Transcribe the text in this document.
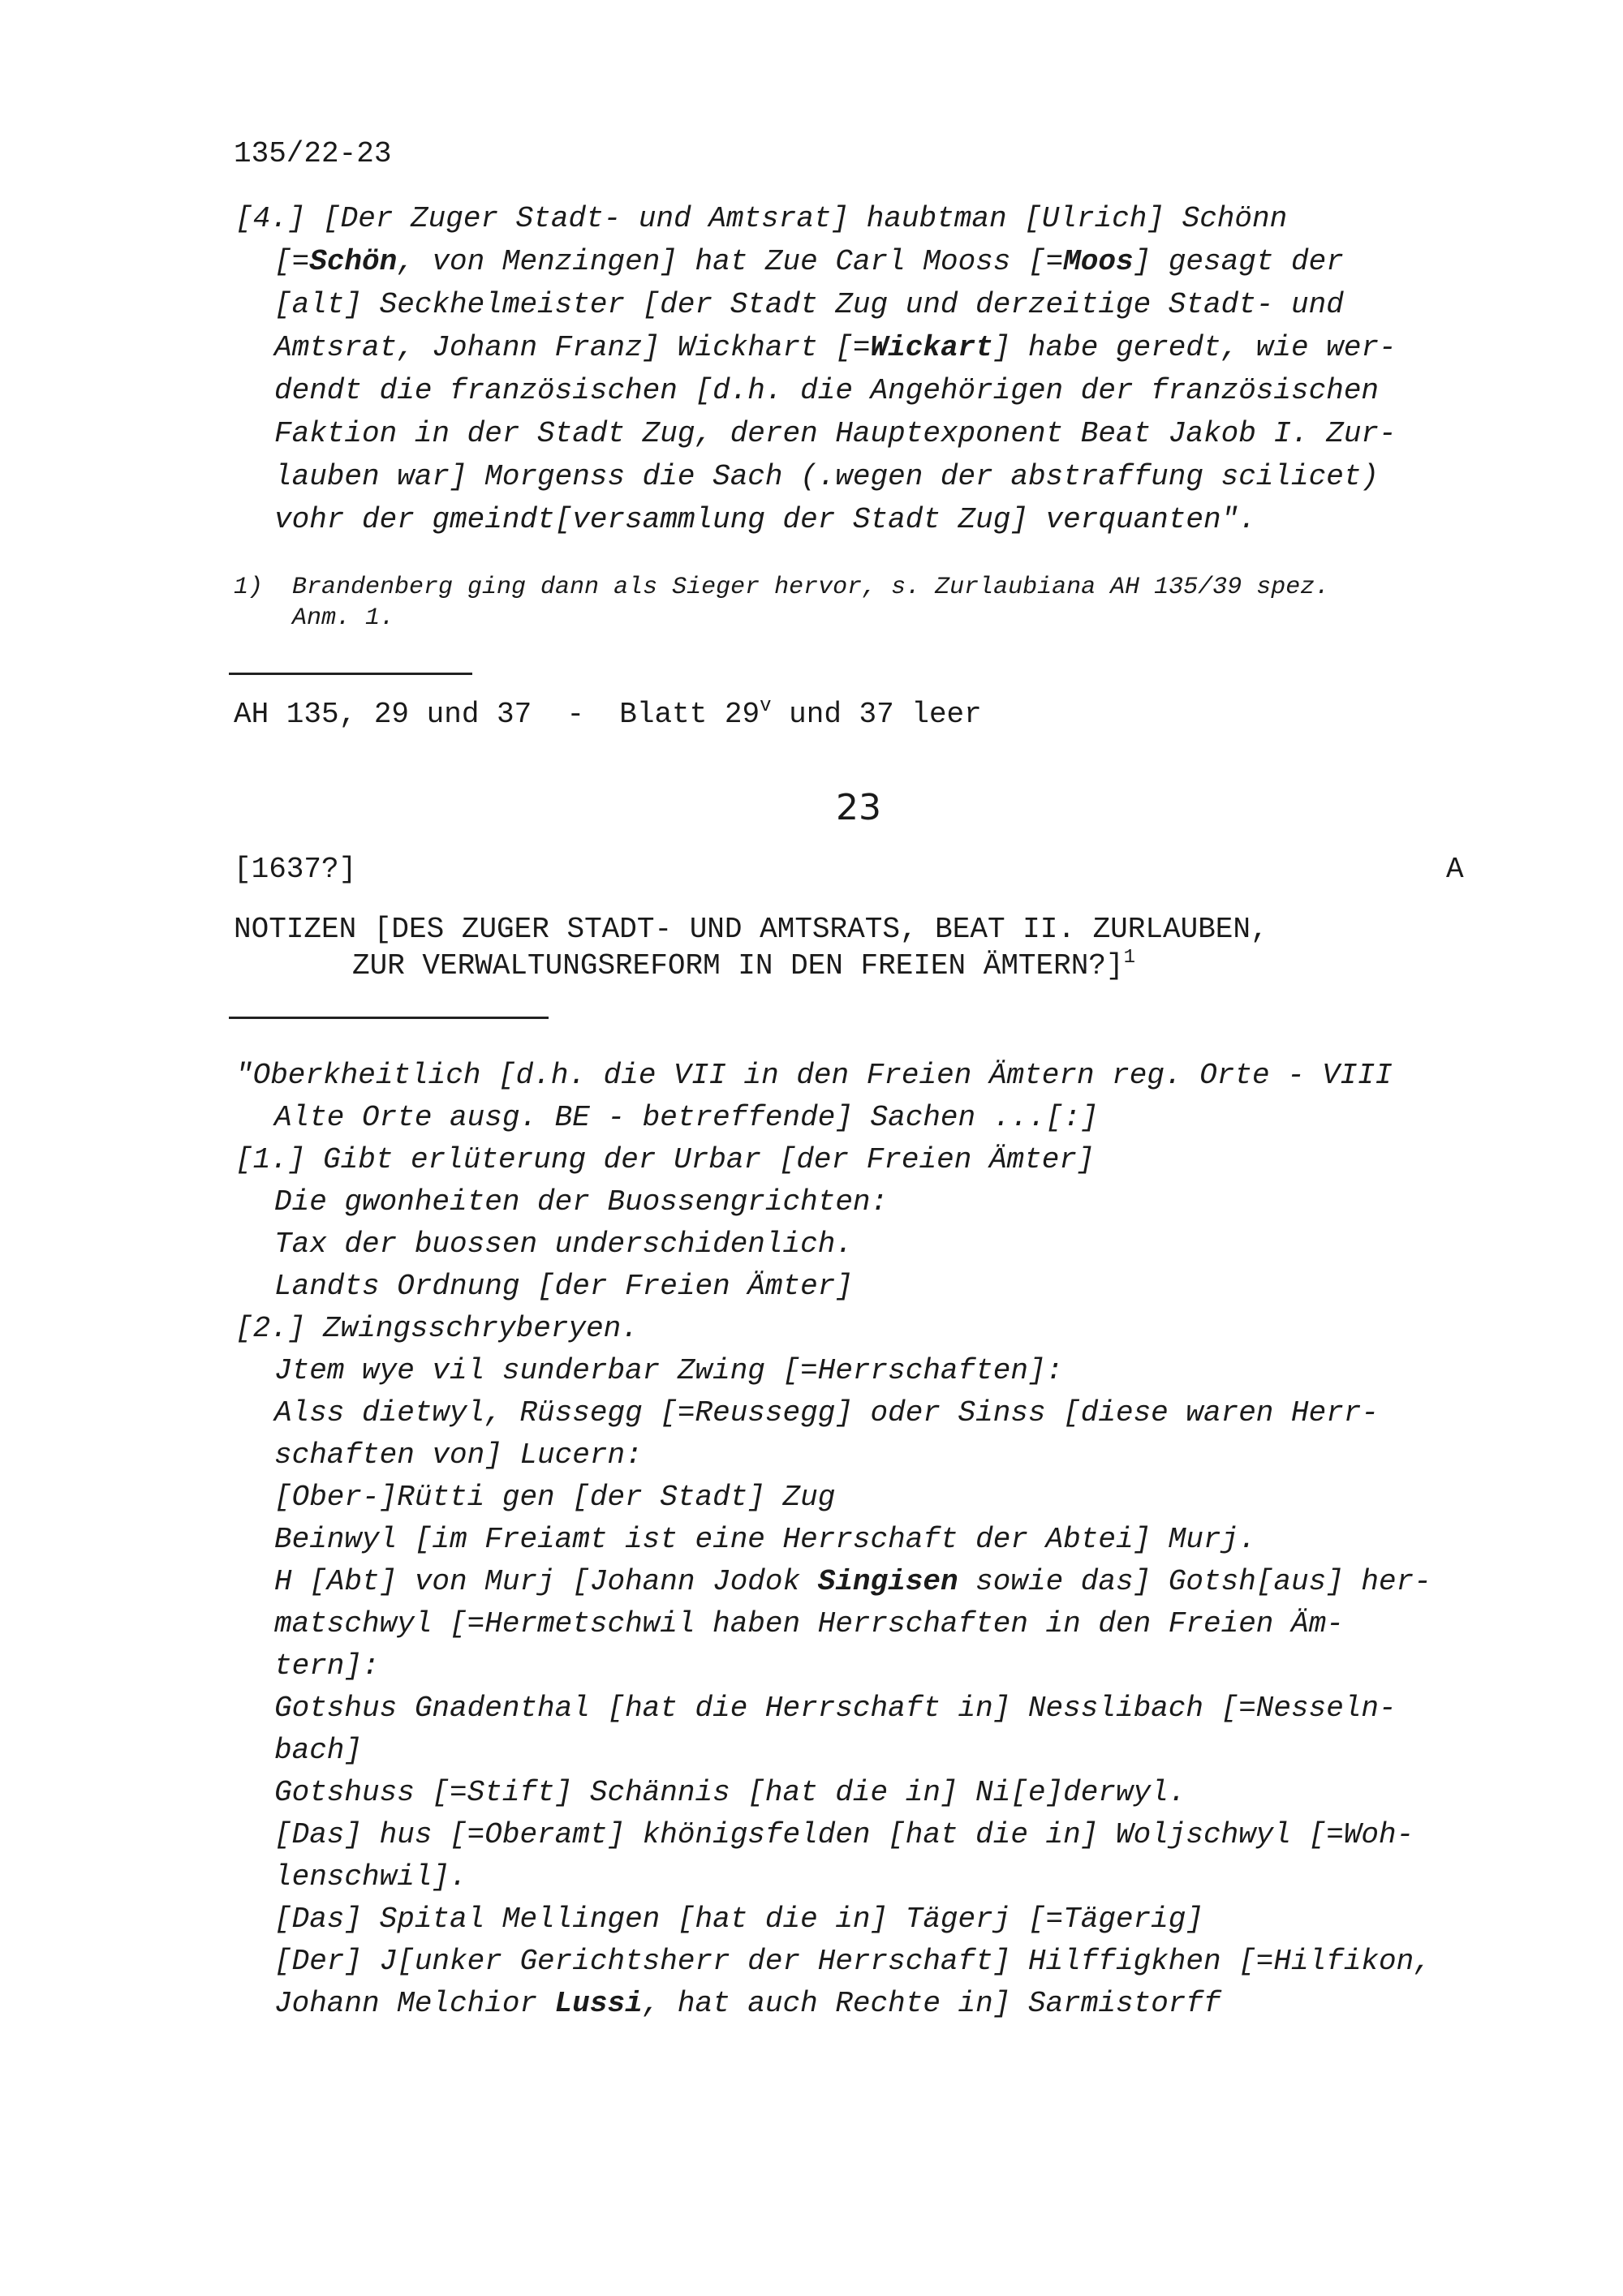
135/22-23
[4.] [Der Zuger Stadt- und Amtsrat] haubtman [Ulrich] Schönn
[=Schön, von Menzingen] hat Zue Carl Mooss [=Moos] gesagt der
[alt] Seckhelmeister [der Stadt Zug und derzeitige Stadt- und
Amtsrat, Johann Franz] Wickhart [=Wickart] habe geredt, wie wer-
dendt die französischen [d.h. die Angehörigen der französischen
Faktion in der Stadt Zug, deren Hauptexponent Beat Jakob I. Zur-
lauben war] Morgenss die Sach (.wegen der abstraffung scilicet)
vohr der gmeindt[versammlung der Stadt Zug] verquanten".
1) Brandenberg ging dann als Sieger hervor, s. Zurlaubiana AH 135/39 spez.
Anm. 1.
AH 135, 29 und 37  -  Blatt 29$^v$ und 37 leer
23
[1637?]	A
NOTIZEN [DES ZUGER STADT- UND AMTSRATS, BEAT II. ZURLAUBEN,
ZUR VERWALTUNGSREFORM IN DEN FREIEN ÄMTERN?]$^1$
"Oberkheitlich [d.h. die VII in den Freien Ämtern reg. Orte - VIII
Alte Orte ausg. BE - betreffende] Sachen ...[:]
[1.] Gibt erlüterung der Urbar [der Freien Ämter]
Die gwonheiten der Buossengrichten:
Tax der buossen underschidenlich.
Landts Ordnung [der Freien Ämter]
[2.] Zwingsschryberyen.
Jtem wye vil sunderbar Zwing [=Herrschaften]:
Alss dietwyl, Rüssegg [=Reussegg] oder Sinss [diese waren Herr-
schaften von] Lucern:
[Ober-]Rütti gen [der Stadt] Zug
Beinwyl [im Freiamt ist eine Herrschaft der Abtei] Murj.
H [Abt] von Murj [Johann Jodok Singisen sowie das] Gotsh[aus] her-
matschwyl [=Hermetschwil haben Herrschaften in den Freien Äm-
tern]:
Gotshus Gnadenthal [hat die Herrschaft in] Nesslibach [=Nesseln-
bach]
Gotshuss [=Stift] Schännis [hat die in] Ni[e]derwyl.
[Das] hus [=Oberamt] khönigsfelden [hat die in] Woljschwyl [=Woh-
lenschwil].
[Das] Spital Mellingen [hat die in] Tägerj [=Tägerig]
[Der] J[unker Gerichtsherr der Herrschaft] Hilffigkhen [=Hilfikon,
Johann Melchior Lussi, hat auch Rechte in] Sarmistorff
